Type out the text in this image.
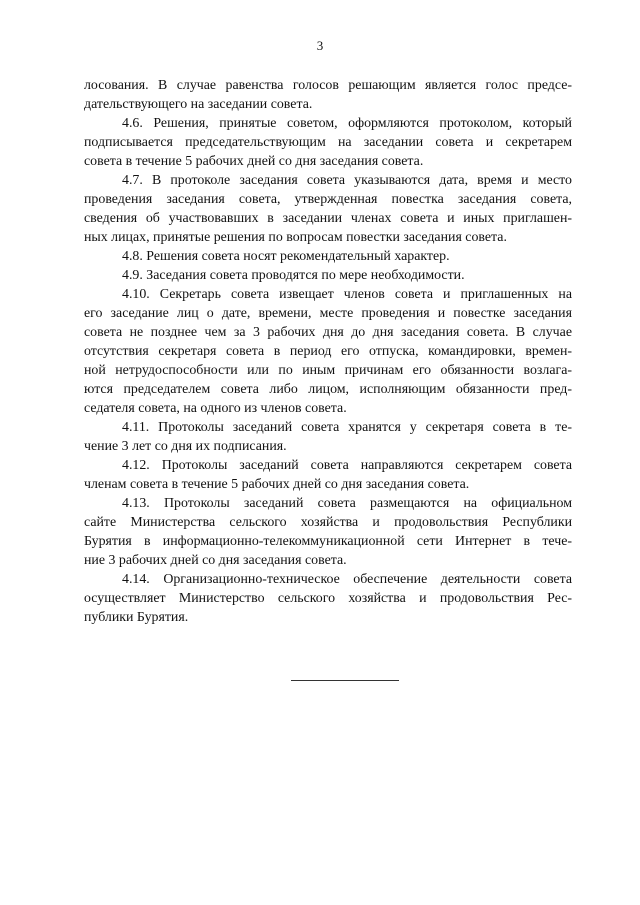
3
лосования. В случае равенства голосов решающим является голос предсе-
дательствующего на заседании совета.
4.6. Решения, принятые советом, оформляются протоколом, который
подписывается председательствующим на заседании совета и секретарем
совета в течение 5 рабочих дней со дня заседания совета.
4.7. В протоколе заседания совета указываются дата, время и место
проведения заседания совета, утвержденная повестка заседания совета,
сведения об участвовавших в заседании членах совета и иных приглашен-
ных лицах, принятые решения по вопросам повестки заседания совета.
4.8. Решения совета носят рекомендательный характер.
4.9. Заседания совета проводятся по мере необходимости.
4.10. Секретарь совета извещает членов совета и приглашенных на
его заседание лиц о дате, времени, месте проведения и повестке заседания
совета не позднее чем за 3 рабочих дня до дня заседания совета. В случае
отсутствия секретаря совета в период его отпуска, командировки, времен-
ной нетрудоспособности или по иным причинам его обязанности возлага-
ются председателем совета либо лицом, исполняющим обязанности пред-
седателя совета, на одного из членов совета.
4.11. Протоколы заседаний совета хранятся у секретаря совета в те-
чение 3 лет со дня их подписания.
4.12. Протоколы заседаний совета направляются секретарем совета
членам совета в течение 5 рабочих дней со дня заседания совета.
4.13. Протоколы заседаний совета размещаются на официальном
сайте Министерства сельского хозяйства и продовольствия Республики
Бурятия в информационно-телекоммуникационной сети Интернет в тече-
ние 3 рабочих дней со дня заседания совета.
4.14. Организационно-техническое обеспечение деятельности совета
осуществляет Министерство сельского хозяйства и продовольствия Рес-
публики Бурятия.
